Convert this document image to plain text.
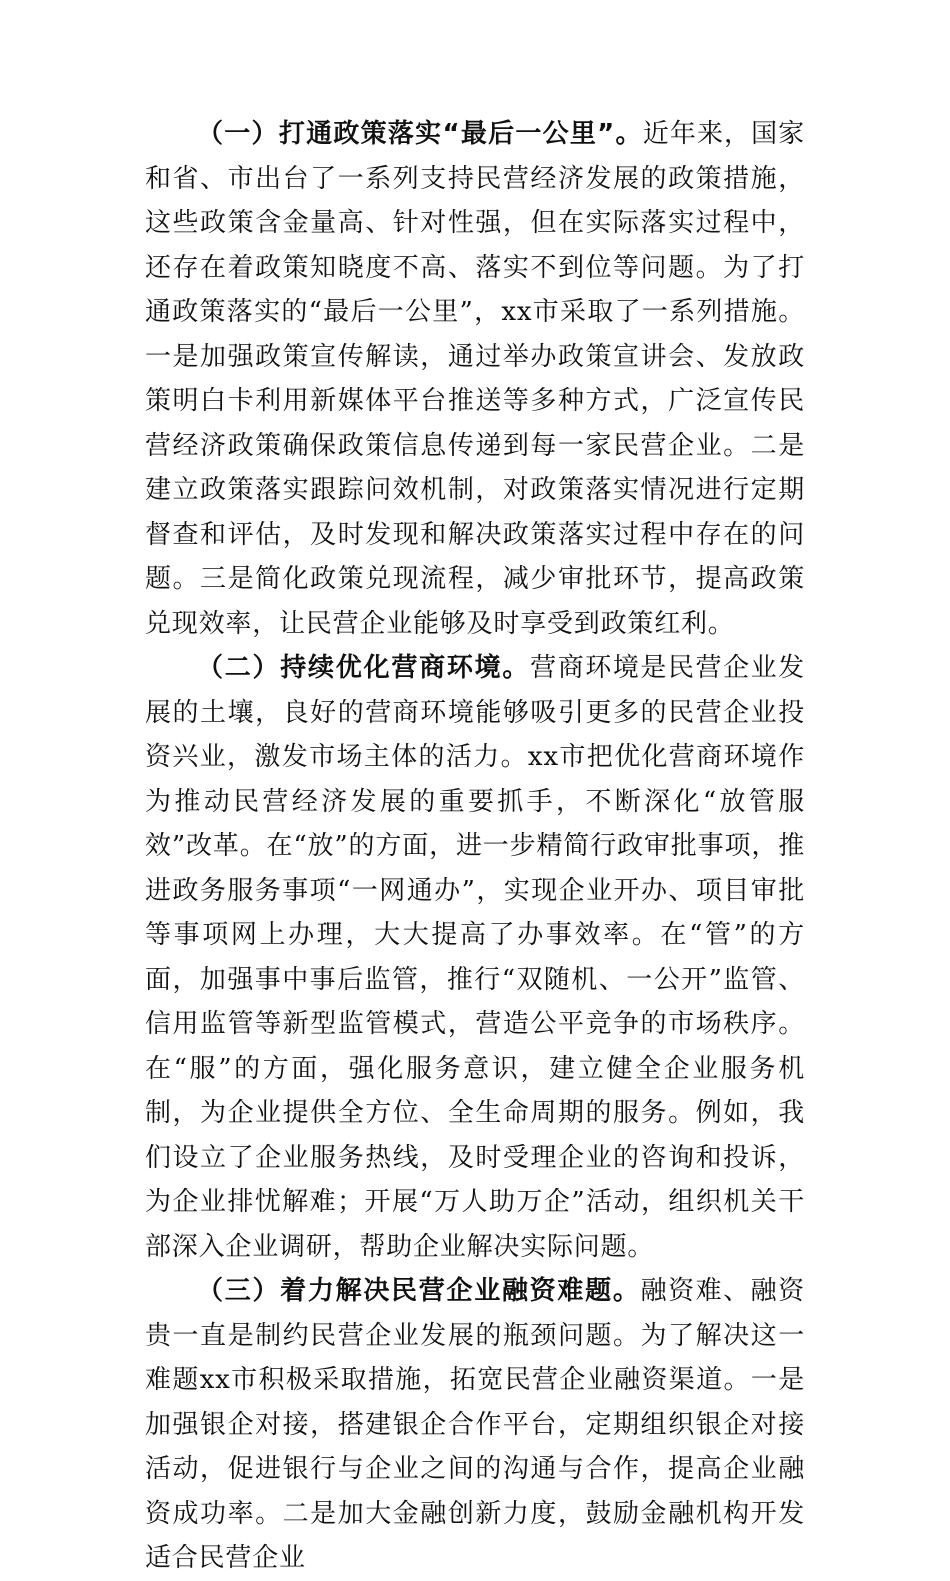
（一）打通政策落实“最后一公里”。近年来，国家和省、市出台了一系列支持民营经济发展的政策措施，这些政策含金量高、针对性强，但在实际落实过程中，还存在着政策知晓度不高、落实不到位等问题。为了打通政策落实的“最后一公里”，xx市采取了一系列措施。一是加强政策宣传解读，通过举办政策宣讲会、发放政策明白卡利用新媒体平台推送等多种方式，广泛宣传民营经济政策确保政策信息传递到每一家民营企业。二是建立政策落实跟踪问效机制，对政策落实情况进行定期督查和评估，及时发现和解决政策落实过程中存在的问题。三是简化政策兑现流程，减少审批环节，提高政策兑现效率，让民营企业能够及时享受到政策红利。

（二）持续优化营商环境。营商环境是民营企业发展的土壤，良好的营商环境能够吸引更多的民营企业投资兴业，激发市场主体的活力。xx市把优化营商环境作为推动民营经济发展的重要抓手，不断深化“放管服效”改革。在“放”的方面，进一步精简行政审批事项，推进政务服务事项“一网通办”，实现企业开办、项目审批等事项网上办理，大大提高了办事效率。在“管”的方面，加强事中事后监管，推行“双随机、一公开”监管、信用监管等新型监管模式，营造公平竞争的市场秩序。在“服”的方面，强化服务意识，建立健全企业服务机制，为企业提供全方位、全生命周期的服务。例如，我们设立了企业服务热线，及时受理企业的咨询和投诉，为企业排忧解难；开展“万人助万企”活动，组织机关干部深入企业调研，帮助企业解决实际问题。

（三）着力解决民营企业融资难题。融资难、融资贵一直是制约民营企业发展的瓶颈问题。为了解决这一难题xx市积极采取措施，拓宽民营企业融资渠道。一是加强银企对接，搭建银企合作平台，定期组织银企对接活动，促进银行与企业之间的沟通与合作，提高企业融资成功率。二是加大金融创新力度，鼓励金融机构开发适合民营企业
